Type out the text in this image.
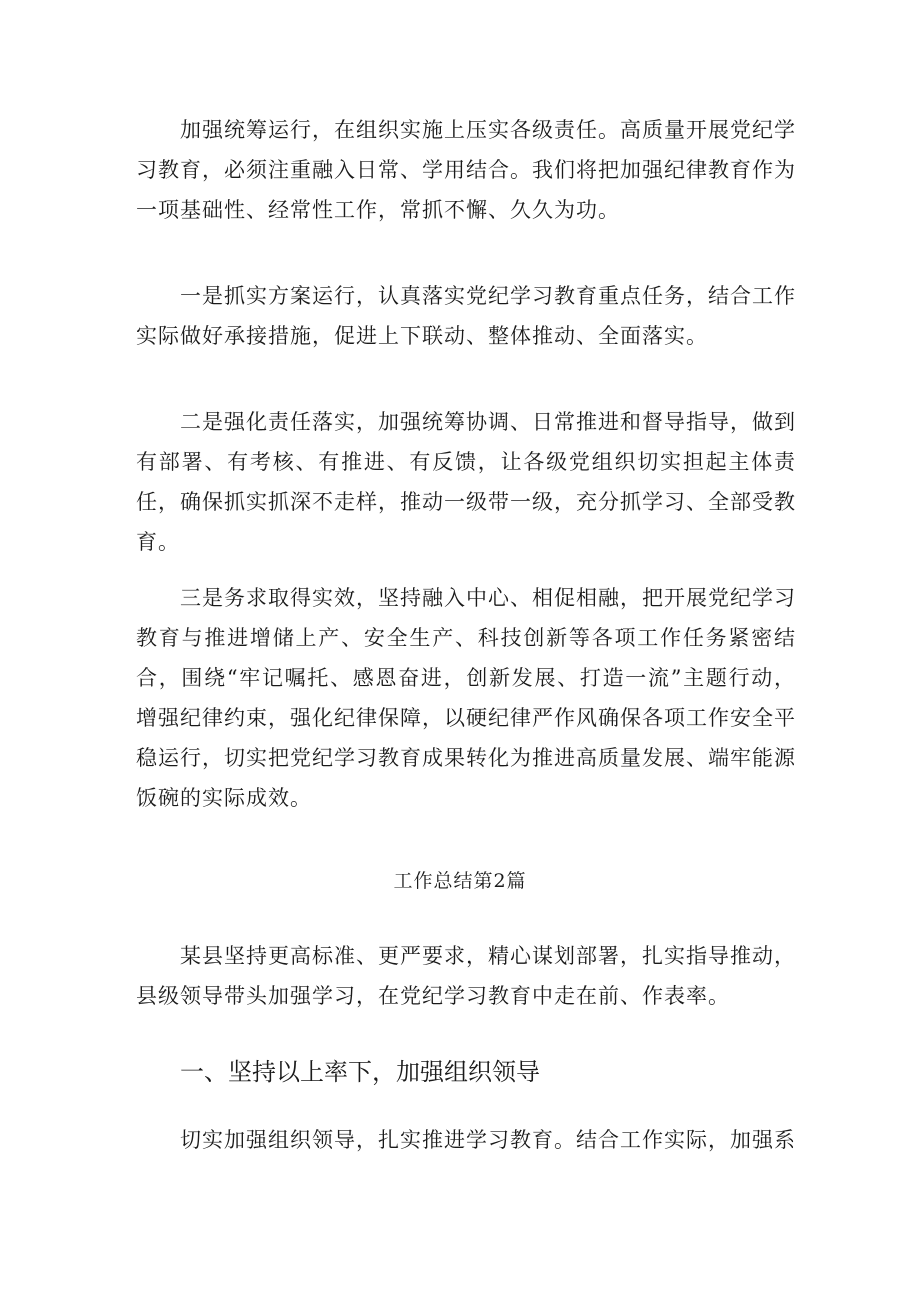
加强统筹运行，在组织实施上压实各级责任。高质量开展党纪学习教育，必须注重融入日常、学用结合。我们将把加强纪律教育作为一项基础性、经常性工作，常抓不懈、久久为功。

一是抓实方案运行，认真落实党纪学习教育重点任务，结合工作实际做好承接措施，促进上下联动、整体推动、全面落实。

二是强化责任落实，加强统筹协调、日常推进和督导指导，做到有部署、有考核、有推进、有反馈，让各级党组织切实担起主体责任，确保抓实抓深不走样，推动一级带一级，充分抓学习、全部受教育。

三是务求取得实效，坚持融入中心、相促相融，把开展党纪学习教育与推进增储上产、安全生产、科技创新等各项工作任务紧密结合，围绕“牢记嘱托、感恩奋进，创新发展、打造一流”主题行动，增强纪律约束，强化纪律保障，以硬纪律严作风确保各项工作安全平稳运行，切实把党纪学习教育成果转化为推进高质量发展、端牢能源饭碗的实际成效。

工作总结第2篇

某县坚持更高标准、更严要求，精心谋划部署，扎实指导推动，县级领导带头加强学习，在党纪学习教育中走在前、作表率。

一、坚持以上率下，加强组织领导

切实加强组织领导，扎实推进学习教育。结合工作实际，加强系
